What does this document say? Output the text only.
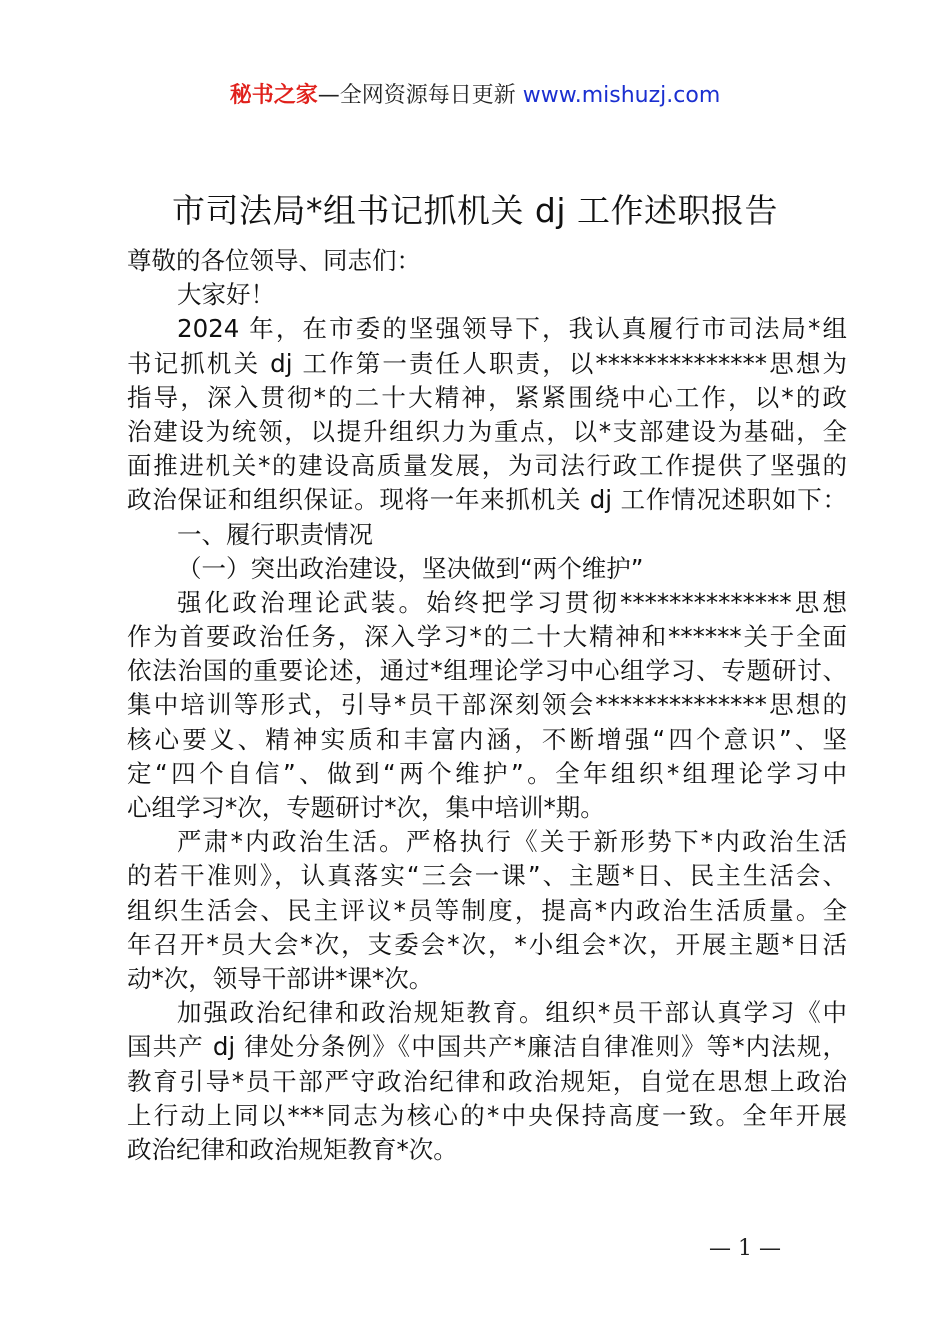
秘书之家—全网资源每日更新 www.mishuzj.com
市司法局*组书记抓机关 dj 工作述职报告
尊敬的各位领导、同志们：
大家好！
2024 年，在市委的坚强领导下，我认真履行市司法局*组
书记抓机关 dj 工作第一责任人职责，以**************思想为
指导，深入贯彻*的二十大精神，紧紧围绕中心工作，以*的政
治建设为统领，以提升组织力为重点，以*支部建设为基础，全
面推进机关*的建设高质量发展，为司法行政工作提供了坚强的
政治保证和组织保证。现将一年来抓机关 dj 工作情况述职如下：
一、履行职责情况
（一）突出政治建设，坚决做到“两个维护”
强化政治理论武装。始终把学习贯彻**************思想
作为首要政治任务，深入学习*的二十大精神和******关于全面
依法治国的重要论述，通过*组理论学习中心组学习、专题研讨、
集中培训等形式，引导*员干部深刻领会**************思想的
核心要义、精神实质和丰富内涵，不断增强“四个意识”、坚
定“四个自信”、做到“两个维护”。全年组织*组理论学习中
心组学习*次，专题研讨*次，集中培训*期。
严肃*内政治生活。严格执行《关于新形势下*内政治生活
的若干准则》，认真落实“三会一课”、主题*日、民主生活会、
组织生活会、民主评议*员等制度，提高*内政治生活质量。全
年召开*员大会*次，支委会*次，*小组会*次，开展主题*日活
动*次，领导干部讲*课*次。
加强政治纪律和政治规矩教育。组织*员干部认真学习《中
国共产 dj 律处分条例》《中国共产*廉洁自律准则》等*内法规，
教育引导*员干部严守政治纪律和政治规矩，自觉在思想上政治
上行动上同以***同志为核心的*中央保持高度一致。全年开展
政治纪律和政治规矩教育*次。
— 1 —
